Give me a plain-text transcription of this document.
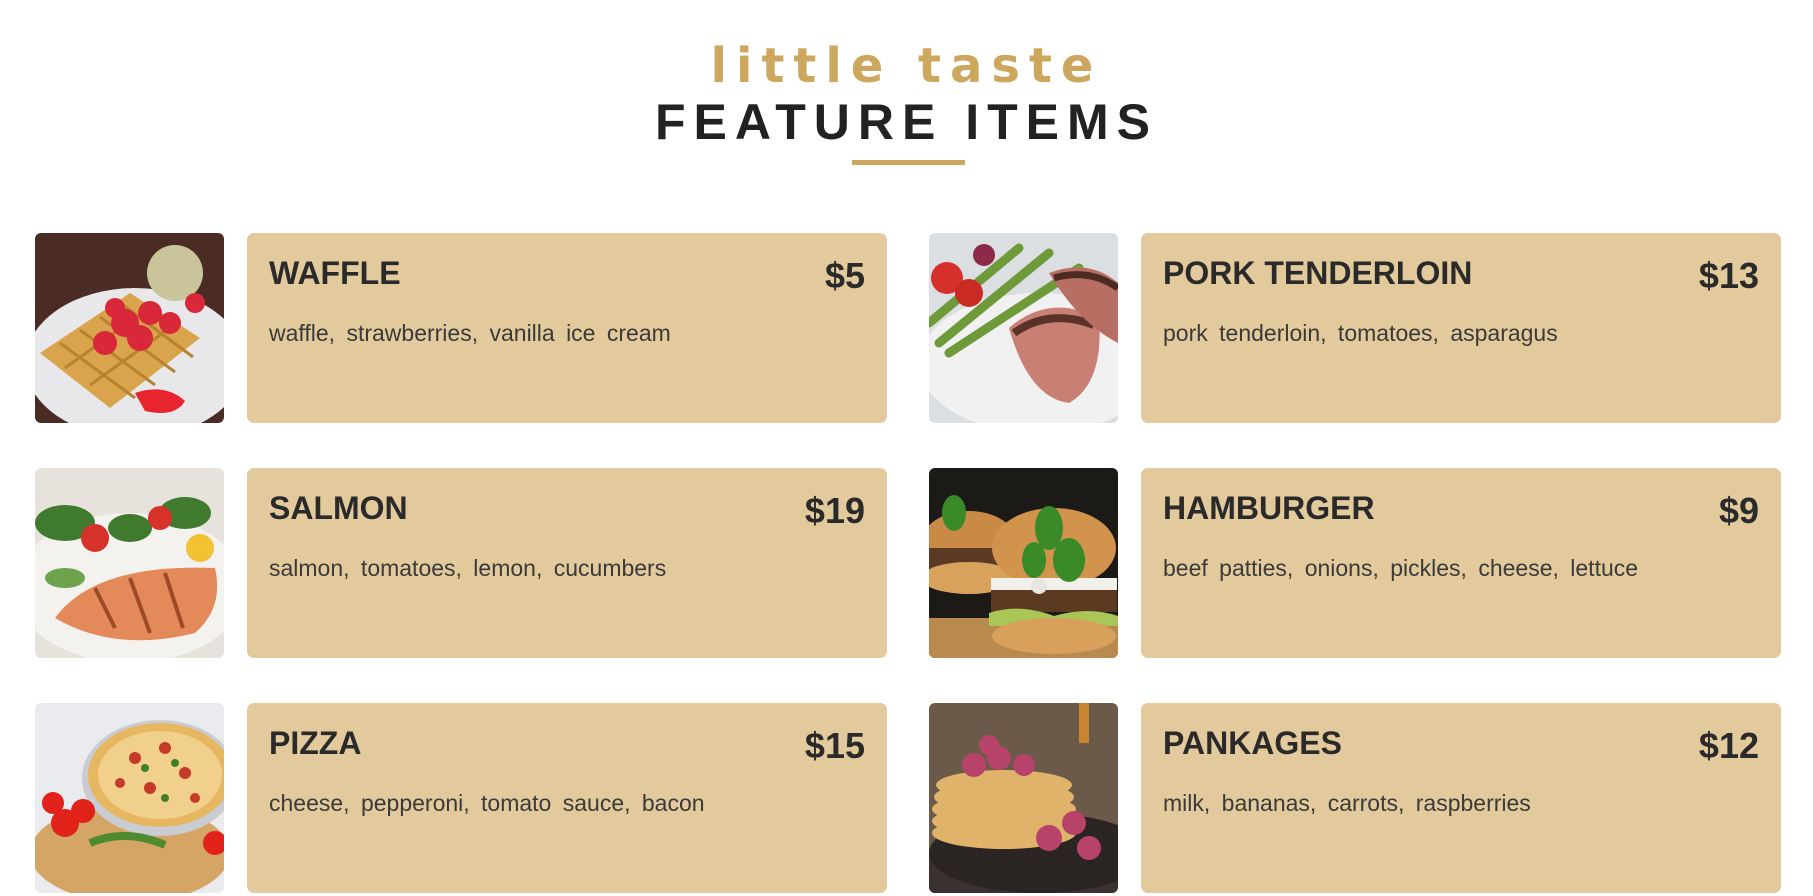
little taste
FEATURE ITEMS
WAFFLE	$5
waffle, strawberries, vanilla ice cream
PORK TENDERLOIN	$13
pork tenderloin, tomatoes, asparagus
SALMON	$19
salmon, tomatoes, lemon, cucumbers
HAMBURGER	$9
beef patties, onions, pickles, cheese, lettuce
PIZZA	$15
cheese, pepperoni, tomato sauce, bacon
PANKAGES	$12
milk, bananas, carrots, raspberries
